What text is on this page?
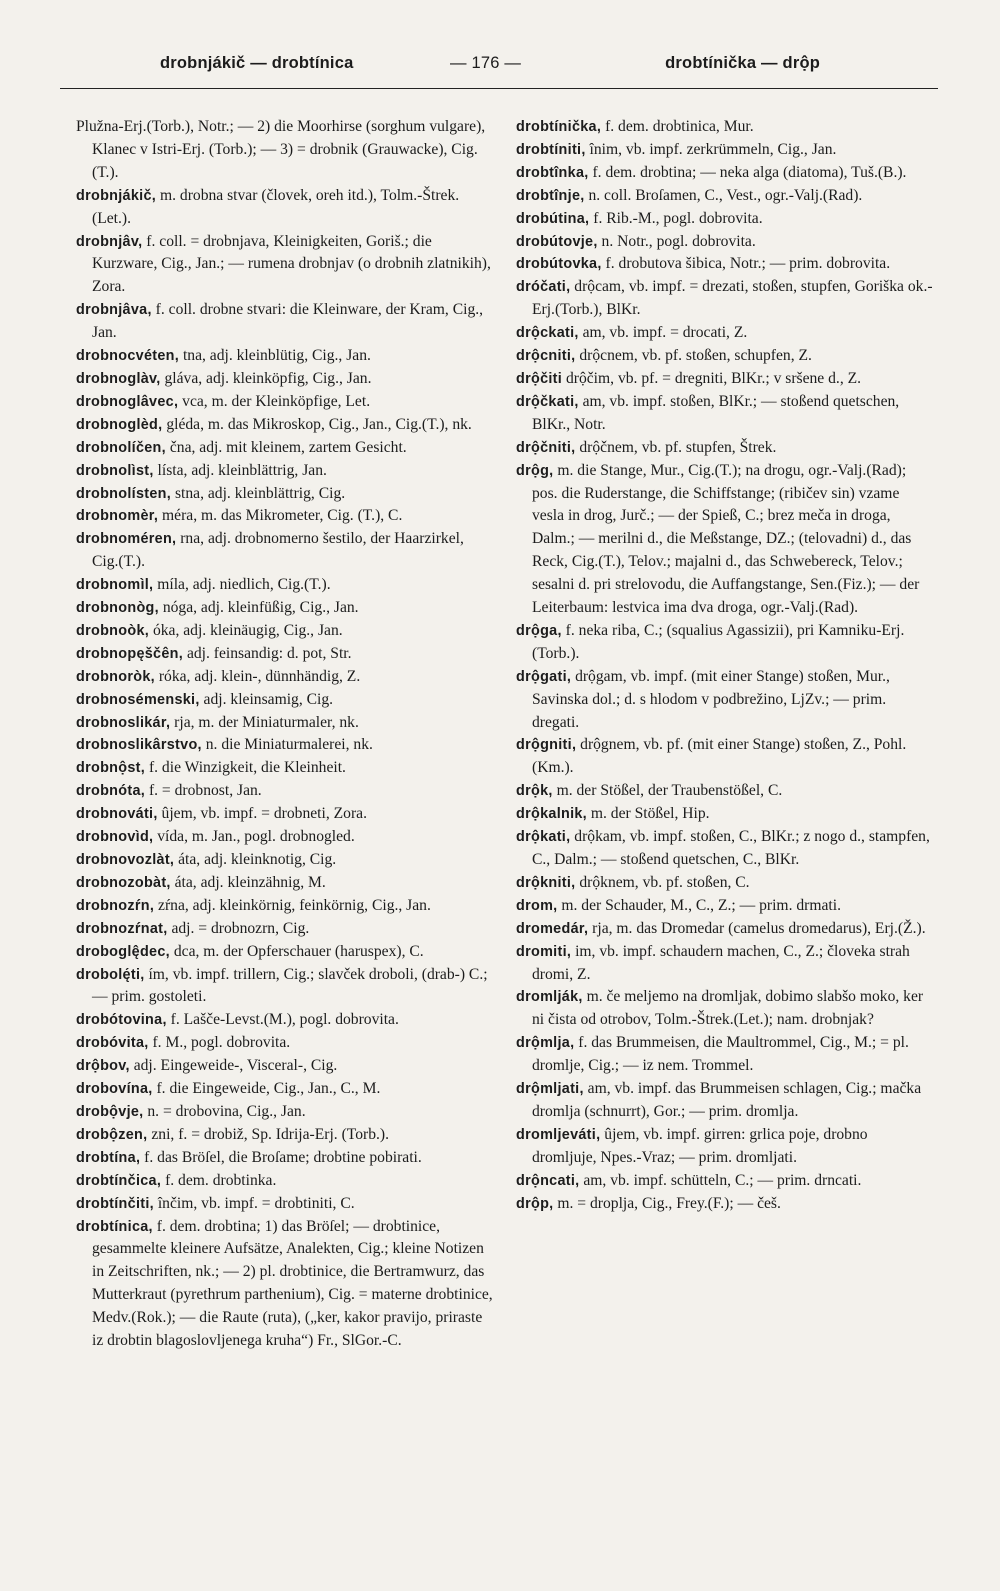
drobnjákič — drobtínica	— 176 —	drobtínička — drộp

Plužna-Erj.(Torb.), Notr.; — 2) die Moorhirse (sorghum vulgare), Klanec v Istri-Erj. (Torb.); — 3) = drobnik (Grauwacke), Cig.(T.).

drobnjákič, m. drobna stvar (človek, oreh itd.), Tolm.-Štrek.(Let.).

drobnjâv, f. coll. = drobnjava, Kleinigkeiten, Goriš.; die Kurzware, Cig., Jan.; — rumena drobnjav (o drobnih zlatnikih), Zora.

drobnjâva, f. coll. drobne stvari: die Kleinware, der Kram, Cig., Jan.

drobnocvéten, tna, adj. kleinblütig, Cig., Jan.

drobnoglàv, gláva, adj. kleinköpfig, Cig., Jan.

drobnoglâvec, vca, m. der Kleinköpfige, Let.

drobnoglèd, gléda, m. das Mikroskop, Cig., Jan., Cig.(T.), nk.

drobnolíčen, čna, adj. mit kleinem, zartem Gesicht.

drobnolìst, lísta, adj. kleinblättrig, Jan.

drobnolísten, stna, adj. kleinblättrig, Cig.

drobnomèr, méra, m. das Mikrometer, Cig. (T.), C.

drobnoméren, rna, adj. drobnomerno šestilo, der Haarzirkel, Cig.(T.).

drobnomìl, míla, adj. niedlich, Cig.(T.).

drobnonòg, nóga, adj. kleinfüßig, Cig., Jan.

drobnoòk, óka, adj. kleinäugig, Cig., Jan.

drobnopęščên, adj. feinsandig: d. pot, Str.

drobnoròk, róka, adj. klein-, dünnhändig, Z.

drobnosémenski, adj. kleinsamig, Cig.

drobnoslikár, rja, m. der Miniaturmaler, nk.

drobnoslikârstvo, n. die Miniaturmalerei, nk.

drobnộst, f. die Winzigkeit, die Kleinheit.

drobnóta, f. = drobnost, Jan.

drobnováti, ûjem, vb. impf. = drobneti, Zora.

drobnovìd, vída, m. Jan., pogl. drobnogled.

drobnovozlàt, áta, adj. kleinknotig, Cig.

drobnozobàt, áta, adj. kleinzähnig, M.

drobnozŕn, zŕna, adj. kleinkörnig, feinkörnig, Cig., Jan.

drobnozŕnat, adj. = drobnozrn, Cig.

droboglę̂dec, dca, m. der Opferschauer (haruspex), C.

drobolę́ti, ím, vb. impf. trillern, Cig.; slavček droboli, (drab-) C.; — prim. gostoleti.

drobótovina, f. Lašče-Levst.(M.), pogl. dobrovita.

drobóvita, f. M., pogl. dobrovita.

drộbov, adj. Eingeweide-, Visceral-, Cig.

drobovína, f. die Eingeweide, Cig., Jan., C., M.

drobộvje, n. = drobovina, Cig., Jan.

drobộzen, zni, f. = drobiž, Sp. Idrija-Erj. (Torb.).

drobtína, f. das Bröſel, die Broſame; drobtine pobirati.

drobtínčica, f. dem. drobtinka.

drobtínčiti, înčim, vb. impf. = drobtiniti, C.

drobtínica, f. dem. drobtina; 1) das Bröſel; — drobtinice, gesammelte kleinere Aufsätze, Analekten, Cig.; kleine Notizen in Zeitschriften, nk.; — 2) pl. drobtinice, die Bertramwurz, das Mutterkraut (pyrethrum parthenium), Cig. = materne drobtinice, Medv.(Rok.); — die Raute (ruta), („ker, kakor pravijo, priraste iz drobtin blagoslovljenega kruha“) Fr., SlGor.-C.

drobtínička, f. dem. drobtinica, Mur.

drobtíniti, înim, vb. impf. zerkrümmeln, Cig., Jan.

drobtînka, f. dem. drobtina; — neka alga (diatoma), Tuš.(B.).

drobtînje, n. coll. Broſamen, C., Vest., ogr.-Valj.(Rad).

drobútina, f. Rib.-M., pogl. dobrovita.

drobútovje, n. Notr., pogl. dobrovita.

drobútovka, f. drobutova šibica, Notr.; — prim. dobrovita.

dróčati, drộcam, vb. impf. = drezati, stoßen, stupfen, Goriška ok.-Erj.(Torb.), BlKr.

drộckati, am, vb. impf. = drocati, Z.

drộcniti, drộcnem, vb. pf. stoßen, schupfen, Z.

drộčiti drộčim, vb. pf. = dregniti, BlKr.; v sršene d., Z.

drộčkati, am, vb. impf. stoßen, BlKr.; — stoßend quetschen, BlKr., Notr.

drộčniti, drộčnem, vb. pf. stupfen, Štrek.

drộg, m. die Stange, Mur., Cig.(T.); na drogu, ogr.-Valj.(Rad); pos. die Ruderstange, die Schiffstange; (ribičev sin) vzame vesla in drog, Jurč.; — der Spieß, C.; brez meča in droga, Dalm.; — merilni d., die Meßstange, DZ.; (telovadni) d., das Reck, Cig.(T.), Telov.; majalni d., das Schwebereck, Telov.; sesalni d. pri strelovodu, die Auffangstange, Sen.(Fiz.); — der Leiterbaum: lestvica ima dva droga, ogr.-Valj.(Rad).

drộga, f. neka riba, C.; (squalius Agassizii), pri Kamniku-Erj.(Torb.).

drộgati, drộgam, vb. impf. (mit einer Stange) stoßen, Mur., Savinska dol.; d. s hlodom v podbrežino, LjZv.; — prim. dregati.

drộgniti, drộgnem, vb. pf. (mit einer Stange) stoßen, Z., Pohl.(Km.).

drộk, m. der Stößel, der Traubenstößel, C.

drộkalnik, m. der Stößel, Hip.

drộkati, drộkam, vb. impf. stoßen, C., BlKr.; z nogo d., stampfen, C., Dalm.; — stoßend quetschen, C., BlKr.

drộkniti, drộknem, vb. pf. stoßen, C.

drom, m. der Schauder, M., C., Z.; — prim. drmati.

dromedár, rja, m. das Dromedar (camelus dromedarus), Erj.(Ž.).

dromiti, im, vb. impf. schaudern machen, C., Z.; človeka strah dromi, Z.

dromlják, m. če meljemo na dromljak, dobimo slabšo moko, ker ni čista od otrobov, Tolm.-Štrek.(Let.); nam. drobnjak?

drộmlja, f. das Brummeisen, die Maultrommel, Cig., M.; = pl. dromlje, Cig.; — iz nem. Trommel.

drộmljati, am, vb. impf. das Brummeisen schlagen, Cig.; mačka dromlja (schnurrt), Gor.; — prim. dromlja.

dromljeváti, ûjem, vb. impf. girren: grlica poje, drobno dromljuje, Npes.-Vraz; — prim. dromljati.

drộncati, am, vb. impf. schütteln, C.; — prim. drncati.

drộp, m. = droplja, Cig., Frey.(F.); — češ.
